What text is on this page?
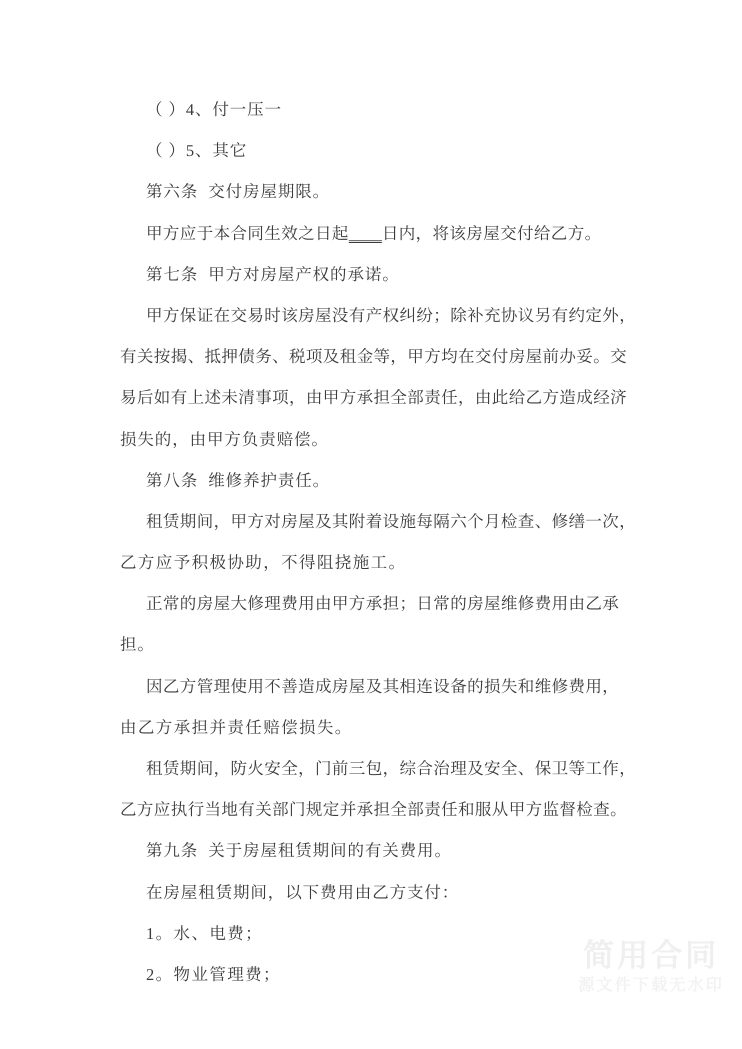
（ ）4、付一压一
（ ）5、其它
第六条  交付房屋期限。
甲方应于本合同生效之日起____日内，将该房屋交付给乙方。
第七条  甲方对房屋产权的承诺。
甲方保证在交易时该房屋没有产权纠纷；除补充协议另有约定外，
有关按揭、抵押债务、税项及租金等，甲方均在交付房屋前办妥。交
易后如有上述未清事项，由甲方承担全部责任，由此给乙方造成经济
损失的，由甲方负责赔偿。
第八条  维修养护责任。
租赁期间，甲方对房屋及其附着设施每隔六个月检查、修缮一次，
乙方应予积极协助，不得阻挠施工。
正常的房屋大修理费用由甲方承担；日常的房屋维修费用由乙承
担。
因乙方管理使用不善造成房屋及其相连设备的损失和维修费用，
由乙方承担并责任赔偿损失。
租赁期间，防火安全，门前三包，综合治理及安全、保卫等工作，
乙方应执行当地有关部门规定并承担全部责任和服从甲方监督检查。
第九条  关于房屋租赁期间的有关费用。
在房屋租赁期间，以下费用由乙方支付：
1。水、电费；
2。物业管理费；
简用合同
源文件下载无水印
